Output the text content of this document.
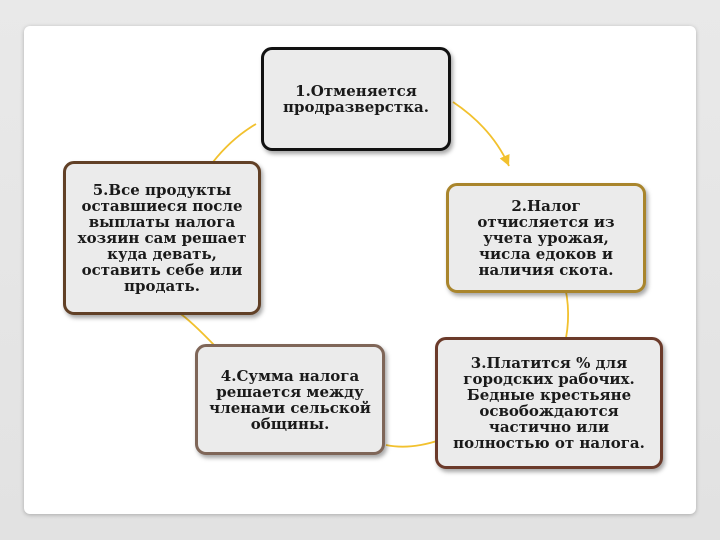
1.Отменяется продразверстка.
2.Налог отчисляется из учета урожая, числа едоков и наличия скота.
3.Платится % для городских рабочих. Бедные крестьяне освобождаются частично или полностью от налога.
4.Сумма налога решается между членами сельской общины.
5.Все продукты оставшиеся после выплаты налога хозяин сам решает куда девать, оставить себе или продать.
